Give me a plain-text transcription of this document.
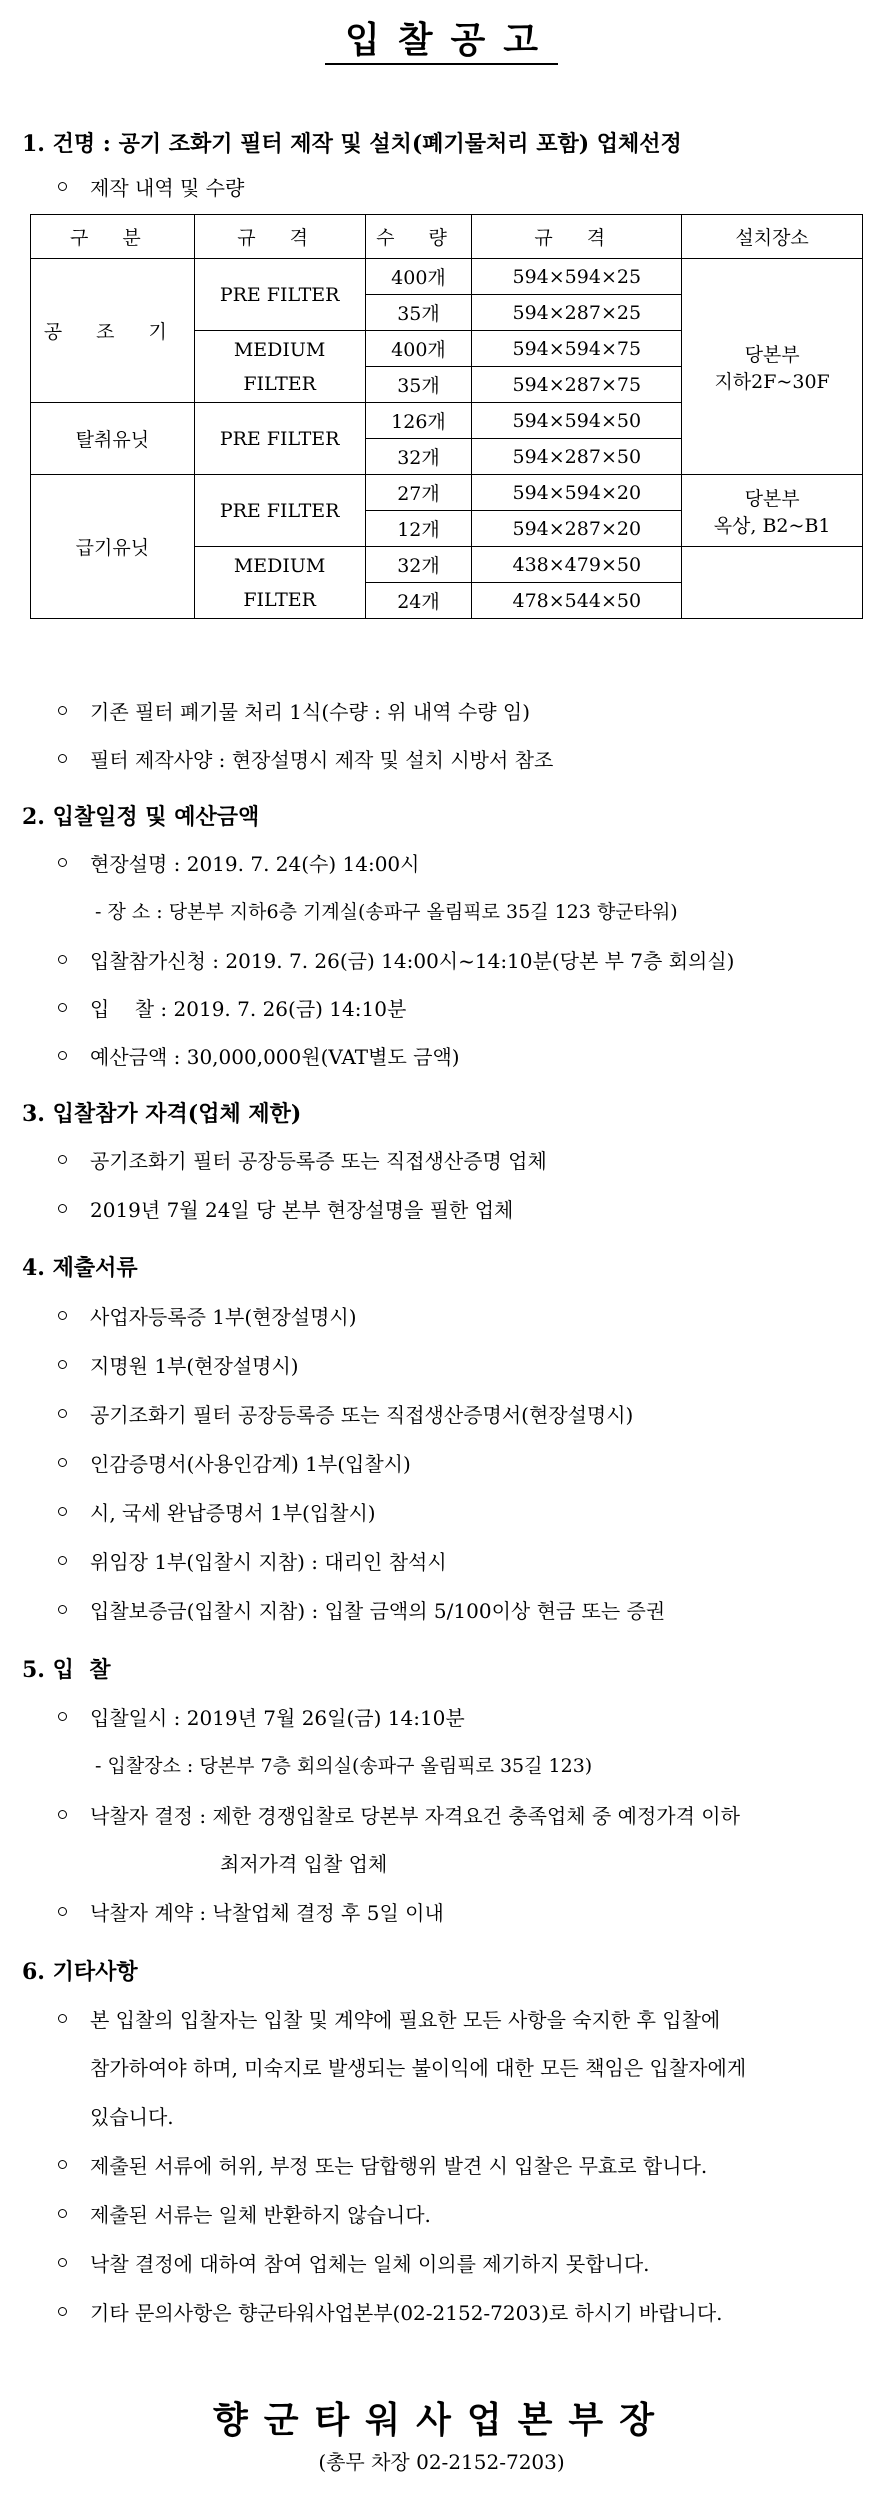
입찰공고
1. 건명 : 공기 조화기 필터 제작 및 설치(폐기물처리 포함) 업체선정
제작 내역 및 수량
구 분	규 격	수 량	규 격	설치장소
공 조 기	PRE FILTER	400개	594×594×25	당본부
지하2F~30F

		35개	594×287×25	
	MEDIUM FILTER	400개	594×594×75	
		35개	594×287×75	
탈취유닛	PRE FILTER	126개	594×594×50	
		32개	594×287×50	
급기유닛	PRE FILTER	27개	594×594×20	당본부
옥상, B2~B1

		12개	594×287×20	
	MEDIUM FILTER	32개	438×479×50	
		24개	478×544×50	
기존 필터 폐기물 처리 1식(수량 : 위 내역 수량 임)
필터 제작사양 : 현장설명시 제작 및 설치 시방서 참조
2. 입찰일정 및 예산금액
현장설명 : 2019. 7. 24(수) 14:00시
- 장 소 : 당본부 지하6층 기계실(송파구 올림픽로 35길 123 향군타워)
입찰참가신청 : 2019. 7. 26(금) 14:00시~14:10분(당본 부 7층 회의실)
입    찰 : 2019. 7. 26(금) 14:10분
예산금액 : 30,000,000원(VAT별도 금액)
3. 입찰참가 자격(업체 제한)
공기조화기 필터 공장등록증 또는 직접생산증명 업체
2019년 7월 24일 당 본부 현장설명을 필한 업체
4. 제출서류
사업자등록증 1부(현장설명시)
지명원 1부(현장설명시)
공기조화기 필터 공장등록증 또는 직접생산증명서(현장설명시)
인감증명서(사용인감계) 1부(입찰시)
시, 국세 완납증명서 1부(입찰시)
위임장 1부(입찰시 지참) : 대리인 참석시
입찰보증금(입찰시 지참) : 입찰 금액의 5/100이상 현금 또는 증권
5. 입  찰
입찰일시 : 2019년 7월 26일(금) 14:10분
- 입찰장소 : 당본부 7층 회의실(송파구 올림픽로 35길 123)
낙찰자 결정 : 제한 경쟁입찰로 당본부 자격요건 충족업체 중 예정가격 이하
최저가격 입찰 업체
낙찰자 계약 : 낙찰업체 결정 후 5일 이내
6. 기타사항
본 입찰의 입찰자는 입찰 및 계약에 필요한 모든 사항을 숙지한 후 입찰에
참가하여야 하며, 미숙지로 발생되는 불이익에 대한 모든 책임은 입찰자에게
있습니다.
제출된 서류에 허위, 부정 또는 담합행위 발견 시 입찰은 무효로 합니다.
제출된 서류는 일체 반환하지 않습니다.
낙찰 결정에 대하여 참여 업체는 일체 이의를 제기하지 못합니다.
기타 문의사항은 향군타워사업본부(02-2152-7203)로 하시기 바랍니다.
향군타워사업본부장
(총무 차장 02-2152-7203)
